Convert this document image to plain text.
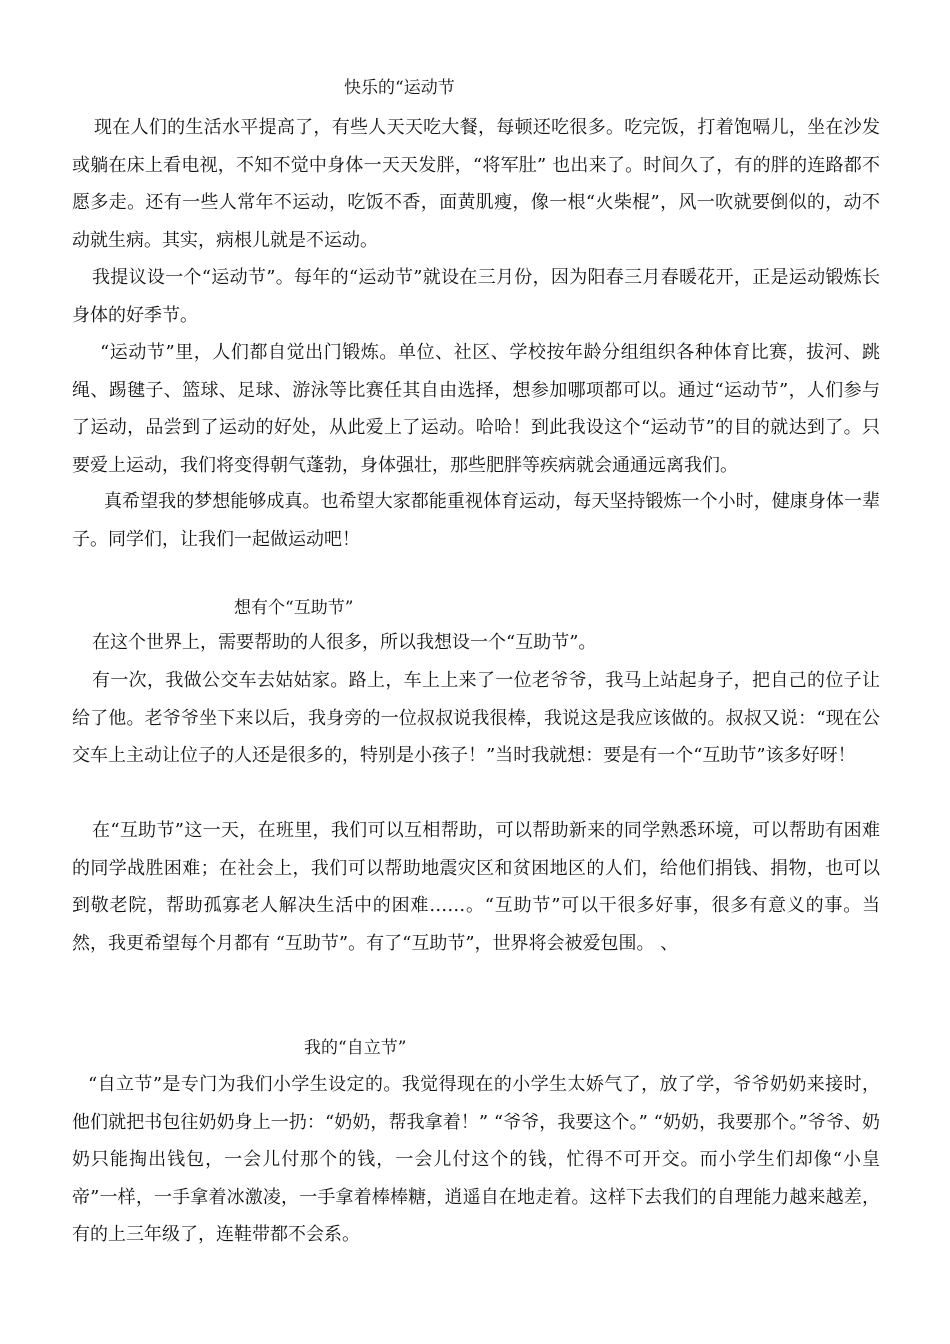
快乐的“运动节

现在人们的生活水平提高了，有些人天天吃大餐，每顿还吃很多。吃完饭，打着饱嗝儿，坐在沙发或躺在床上看电视，不知不觉中身体一天天发胖，“将军肚” 也出来了。时间久了，有的胖的连路都不愿多走。还有一些人常年不运动，吃饭不香，面黄肌瘦，像一根“火柴棍”，风一吹就要倒似的，动不动就生病。其实，病根儿就是不运动。

我提议设一个“运动节”。每年的“运动节”就设在三月份，因为阳春三月春暖花开，正是运动锻炼长身体的好季节。

“运动节”里，人们都自觉出门锻炼。单位、社区、学校按年龄分组组织各种体育比赛，拔河、跳绳、踢毽子、篮球、足球、游泳等比赛任其自由选择，想参加哪项都可以。通过“运动节”，人们参与了运动，品尝到了运动的好处，从此爱上了运动。哈哈！到此我设这个“运动节”的目的就达到了。只要爱上运动，我们将变得朝气蓬勃，身体强壮，那些肥胖等疾病就会通通远离我们。

真希望我的梦想能够成真。也希望大家都能重视体育运动，每天坚持锻炼一个小时，健康身体一辈子。同学们，让我们一起做运动吧！

想有个“互助节”

在这个世界上，需要帮助的人很多，所以我想设一个“互助节”。

有一次，我做公交车去姑姑家。路上，车上上来了一位老爷爷，我马上站起身子，把自己的位子让给了他。老爷爷坐下来以后，我身旁的一位叔叔说我很棒，我说这是我应该做的。叔叔又说：“现在公交车上主动让位子的人还是很多的，特别是小孩子！”当时我就想：要是有一个“互助节”该多好呀！

在“互助节”这一天，在班里，我们可以互相帮助，可以帮助新来的同学熟悉环境，可以帮助有困难的同学战胜困难；在社会上，我们可以帮助地震灾区和贫困地区的人们，给他们捐钱、捐物，也可以到敬老院，帮助孤寡老人解决生活中的困难……。“互助节”可以干很多好事，很多有意义的事。当然，我更希望每个月都有 “互助节”。有了“互助节”，世界将会被爱包围。 、

我的“自立节”

“自立节”是专门为我们小学生设定的。我觉得现在的小学生太娇气了，放了学，爷爷奶奶来接时，他们就把书包往奶奶身上一扔：“奶奶，帮我拿着！” “爷爷，我要这个。” “奶奶，我要那个。”爷爷、奶奶只能掏出钱包，一会儿付那个的钱，一会儿付这个的钱，忙得不可开交。而小学生们却像“小皇帝”一样，一手拿着冰激凌，一手拿着棒棒糖，逍遥自在地走着。这样下去我们的自理能力越来越差，有的上三年级了，连鞋带都不会系。
